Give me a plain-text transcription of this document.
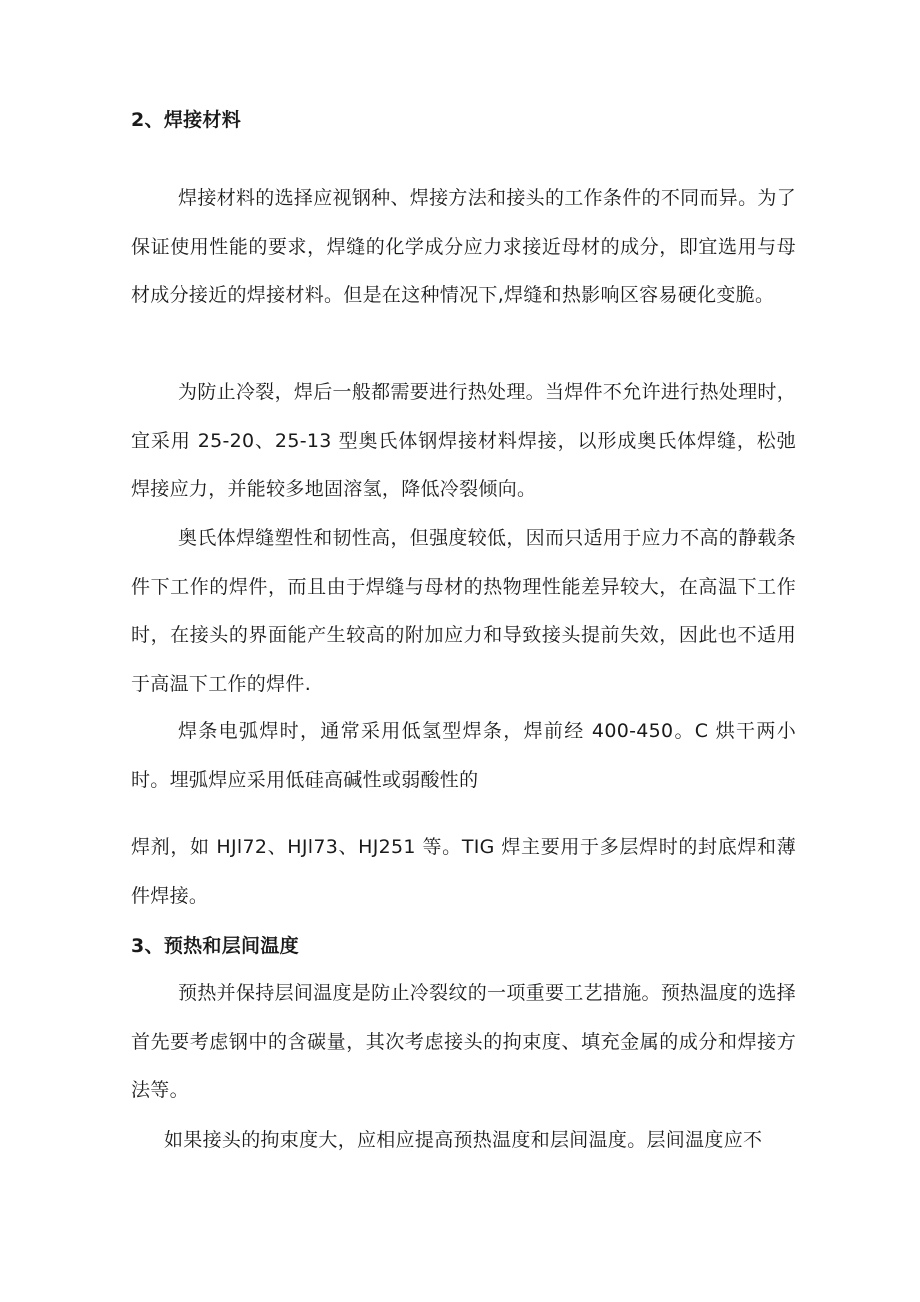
2、焊接材料

焊接材料的选择应视钢种、焊接方法和接头的工作条件的不同而异。为了保证使用性能的要求，焊缝的化学成分应力求接近母材的成分，即宜选用与母材成分接近的焊接材料。但是在这种情况下,焊缝和热影响区容易硬化变脆。

为防止冷裂，焊后一般都需要进行热处理。当焊件不允许进行热处理时，宜采用 25-20、25-13 型奥氏体钢焊接材料焊接，以形成奥氏体焊缝，松弛焊接应力，并能较多地固溶氢，降低冷裂倾向。

奥氏体焊缝塑性和韧性高，但强度较低，因而只适用于应力不高的静载条件下工作的焊件，而且由于焊缝与母材的热物理性能差异较大，在高温下工作时，在接头的界面能产生较高的附加应力和导致接头提前失效，因此也不适用于高温下工作的焊件.

焊条电弧焊时，通常采用低氢型焊条，焊前经 400-450。C 烘干两小时。埋弧焊应采用低硅高碱性或弱酸性的

焊剂，如 HJl72、HJl73、HJ251 等。TIG 焊主要用于多层焊时的封底焊和薄件焊接。

3、预热和层间温度

预热并保持层间温度是防止冷裂纹的一项重要工艺措施。预热温度的选择首先要考虑钢中的含碳量，其次考虑接头的拘束度、填充金属的成分和焊接方法等。

如果接头的拘束度大，应相应提高预热温度和层间温度。层间温度应不
